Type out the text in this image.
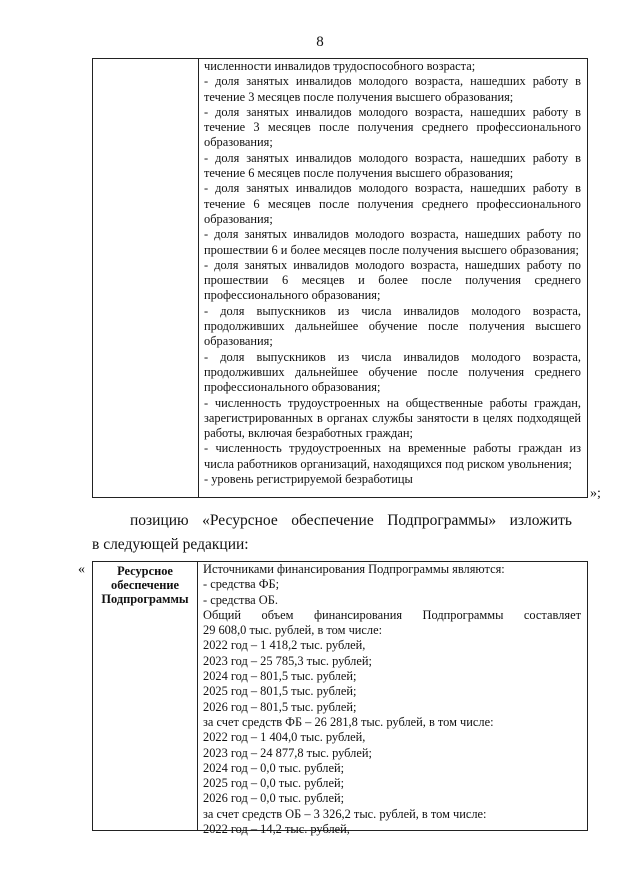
8

численности инвалидов трудоспособного возраста;

- доля занятых инвалидов молодого возраста, нашедших работу в течение 3 месяцев после получения высшего образования;

- доля занятых инвалидов молодого возраста, нашедших работу в течение 3 месяцев после получения среднего профессионального образования;

- доля занятых инвалидов молодого возраста, нашедших работу в течение 6 месяцев после получения высшего образования;

- доля занятых инвалидов молодого возраста, нашедших работу в течение 6 месяцев после получения среднего профессионального образования;

- доля занятых инвалидов молодого возраста, нашедших работу по прошествии 6 и более месяцев после получения высшего образования;

- доля занятых инвалидов молодого возраста, нашедших работу по прошествии 6 месяцев и более после получения среднего профессионального образования;

- доля выпускников из числа инвалидов молодого возраста, продолживших дальнейшее обучение после получения высшего образования;

- доля выпускников из числа инвалидов молодого возраста, продолживших дальнейшее обучение после получения среднего профессионального образования;

- численность трудоустроенных на общественные работы граждан, зарегистрированных в органах службы занятости в целях подходящей работы, включая безработных граждан;

- численность трудоустроенных на временные работы граждан из числа работников организаций, находящихся под риском увольнения;

- уровень регистрируемой безработицы

»;
позицию «Ресурсное обеспечение Подпрограммы» изложить
в следующей редакции:
«	Ресурсное
обеспечение
Подпрограммы

Источниками финансирования Подпрограммы являются:

- средства ФБ;

- средства ОБ.

Общий объем финансирования Подпрограммы составляет

29 608,0 тыс. рублей, в том числе:

2022 год – 1 418,2 тыс. рублей,

2023 год – 25 785,3 тыс. рублей;

2024 год – 801,5 тыс. рублей;

2025 год – 801,5 тыс. рублей;

2026 год – 801,5 тыс. рублей;

за счет средств ФБ – 26 281,8 тыс. рублей, в том числе:

2022 год – 1 404,0 тыс. рублей,

2023 год – 24 877,8 тыс. рублей;

2024 год – 0,0 тыс. рублей;

2025 год – 0,0 тыс. рублей;

2026 год – 0,0 тыс. рублей;

за счет средств ОБ – 3 326,2 тыс. рублей, в том числе:

2022 год – 14,2 тыс. рублей,
